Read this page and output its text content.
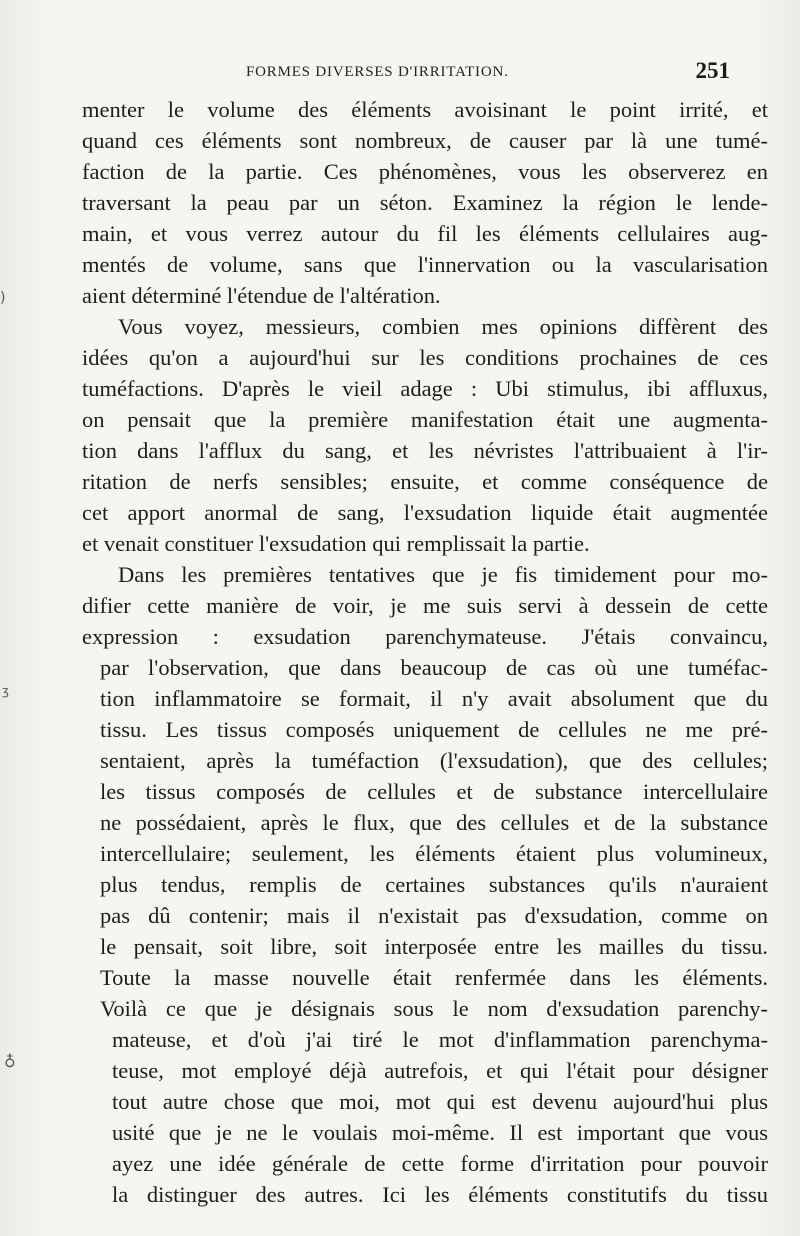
FORMES DIVERSES D'IRRITATION.	251
menter le volume des éléments avoisinant le point irrité, et
quand ces éléments sont nombreux, de causer par là une tumé-
faction de la partie. Ces phénomènes, vous les observerez en
traversant la peau par un séton. Examinez la région le lende-
main, et vous verrez autour du fil les éléments cellulaires aug-
mentés de volume, sans que l'innervation ou la vascularisation
aient déterminé l'étendue de l'altération.
Vous voyez, messieurs, combien mes opinions diffèrent des
idées qu'on a aujourd'hui sur les conditions prochaines de ces
tuméfactions. D'après le vieil adage : Ubi stimulus, ibi affluxus,
on pensait que la première manifestation était une augmenta-
tion dans l'afflux du sang, et les névristes l'attribuaient à l'ir-
ritation de nerfs sensibles; ensuite, et comme conséquence de
cet apport anormal de sang, l'exsudation liquide était augmentée
et venait constituer l'exsudation qui remplissait la partie.
Dans les premières tentatives que je fis timidement pour mo-
difier cette manière de voir, je me suis servi à dessein de cette
expression : exsudation parenchymateuse. J'étais convaincu,
par l'observation, que dans beaucoup de cas où une tuméfac-
tion inflammatoire se formait, il n'y avait absolument que du
tissu. Les tissus composés uniquement de cellules ne me pré-
sentaient, après la tuméfaction (l'exsudation), que des cellules;
les tissus composés de cellules et de substance intercellulaire
ne possédaient, après le flux, que des cellules et de la substance
intercellulaire; seulement, les éléments étaient plus volumineux,
plus tendus, remplis de certaines substances qu'ils n'auraient
pas dû contenir; mais il n'existait pas d'exsudation, comme on
le pensait, soit libre, soit interposée entre les mailles du tissu.
Toute la masse nouvelle était renfermée dans les éléments.
Voilà ce que je désignais sous le nom d'exsudation parenchy-
mateuse, et d'où j'ai tiré le mot d'inflammation parenchyma-
teuse, mot employé déjà autrefois, et qui l'était pour désigner
tout autre chose que moi, mot qui est devenu aujourd'hui plus
usité que je ne le voulais moi-même. Il est important que vous
ayez une idée générale de cette forme d'irritation pour pouvoir
la distinguer des autres. Ici les éléments constitutifs du tissu
)
ʒ
♁
